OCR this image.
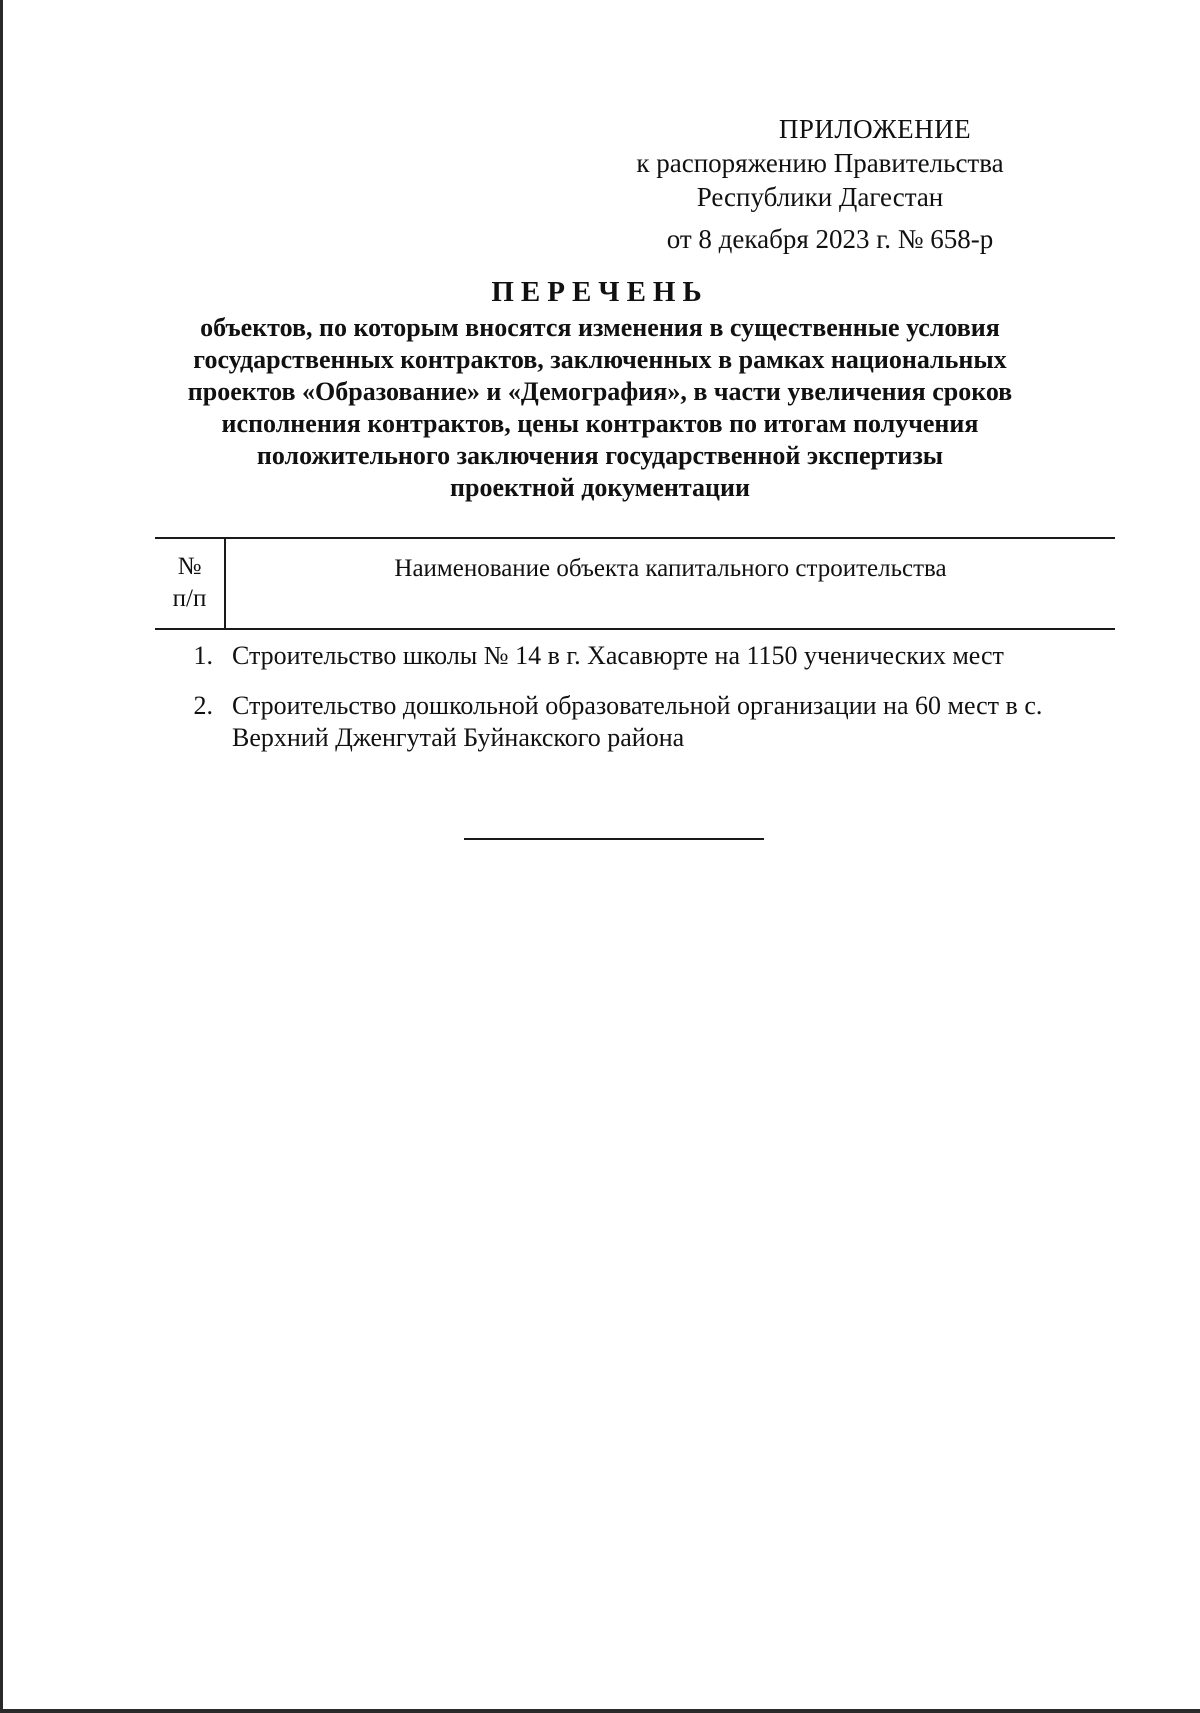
ПРИЛОЖЕНИЕ
к распоряжению Правительства
Республики Дагестан
от 8 декабря 2023 г. № 658-р
ПЕРЕЧЕНЬ
объектов, по которым вносятся изменения в существенные условия
государственных контрактов, заключенных в рамках национальных
проектов «Образование» и «Демография», в части увеличения сроков
исполнения контрактов, цены контрактов по итогам получения
положительного заключения государственной экспертизы
проектной документации
№
п/п
Наименование объекта капитального строительства
1. Строительство школы № 14 в г. Хасавюрте на 1150 ученических мест
2. Строительство дошкольной образовательной организации на 60 мест в с. Верхний Дженгутай Буйнакского района
